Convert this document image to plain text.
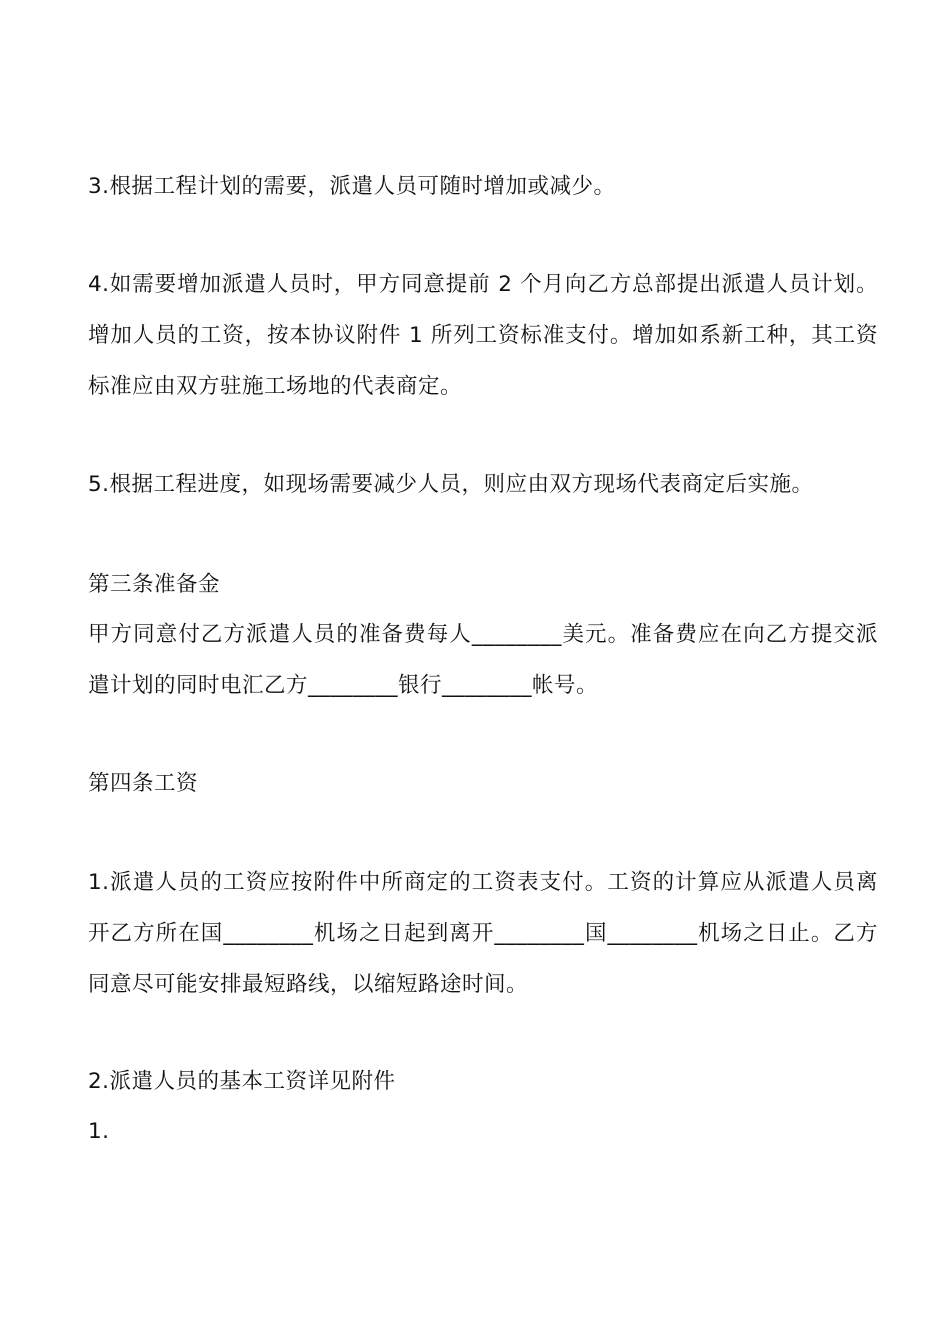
3.根据工程计划的需要，派遣人员可随时增加或减少。

4.如需要增加派遣人员时，甲方同意提前 2 个月向乙方总部提出派遣人员计划。增加人员的工资，按本协议附件 1 所列工资标准支付。增加如系新工种，其工资标准应由双方驻施工场地的代表商定。

5.根据工程进度，如现场需要减少人员，则应由双方现场代表商定后实施。

第三条准备金

甲方同意付乙方派遣人员的准备费每人________美元。准备费应在向乙方提交派遣计划的同时电汇乙方________银行________帐号。

第四条工资

1.派遣人员的工资应按附件中所商定的工资表支付。工资的计算应从派遣人员离开乙方所在国________机场之日起到离开________国________机场之日止。乙方同意尽可能安排最短路线，以缩短路途时间。

2.派遣人员的基本工资详见附件

1.
